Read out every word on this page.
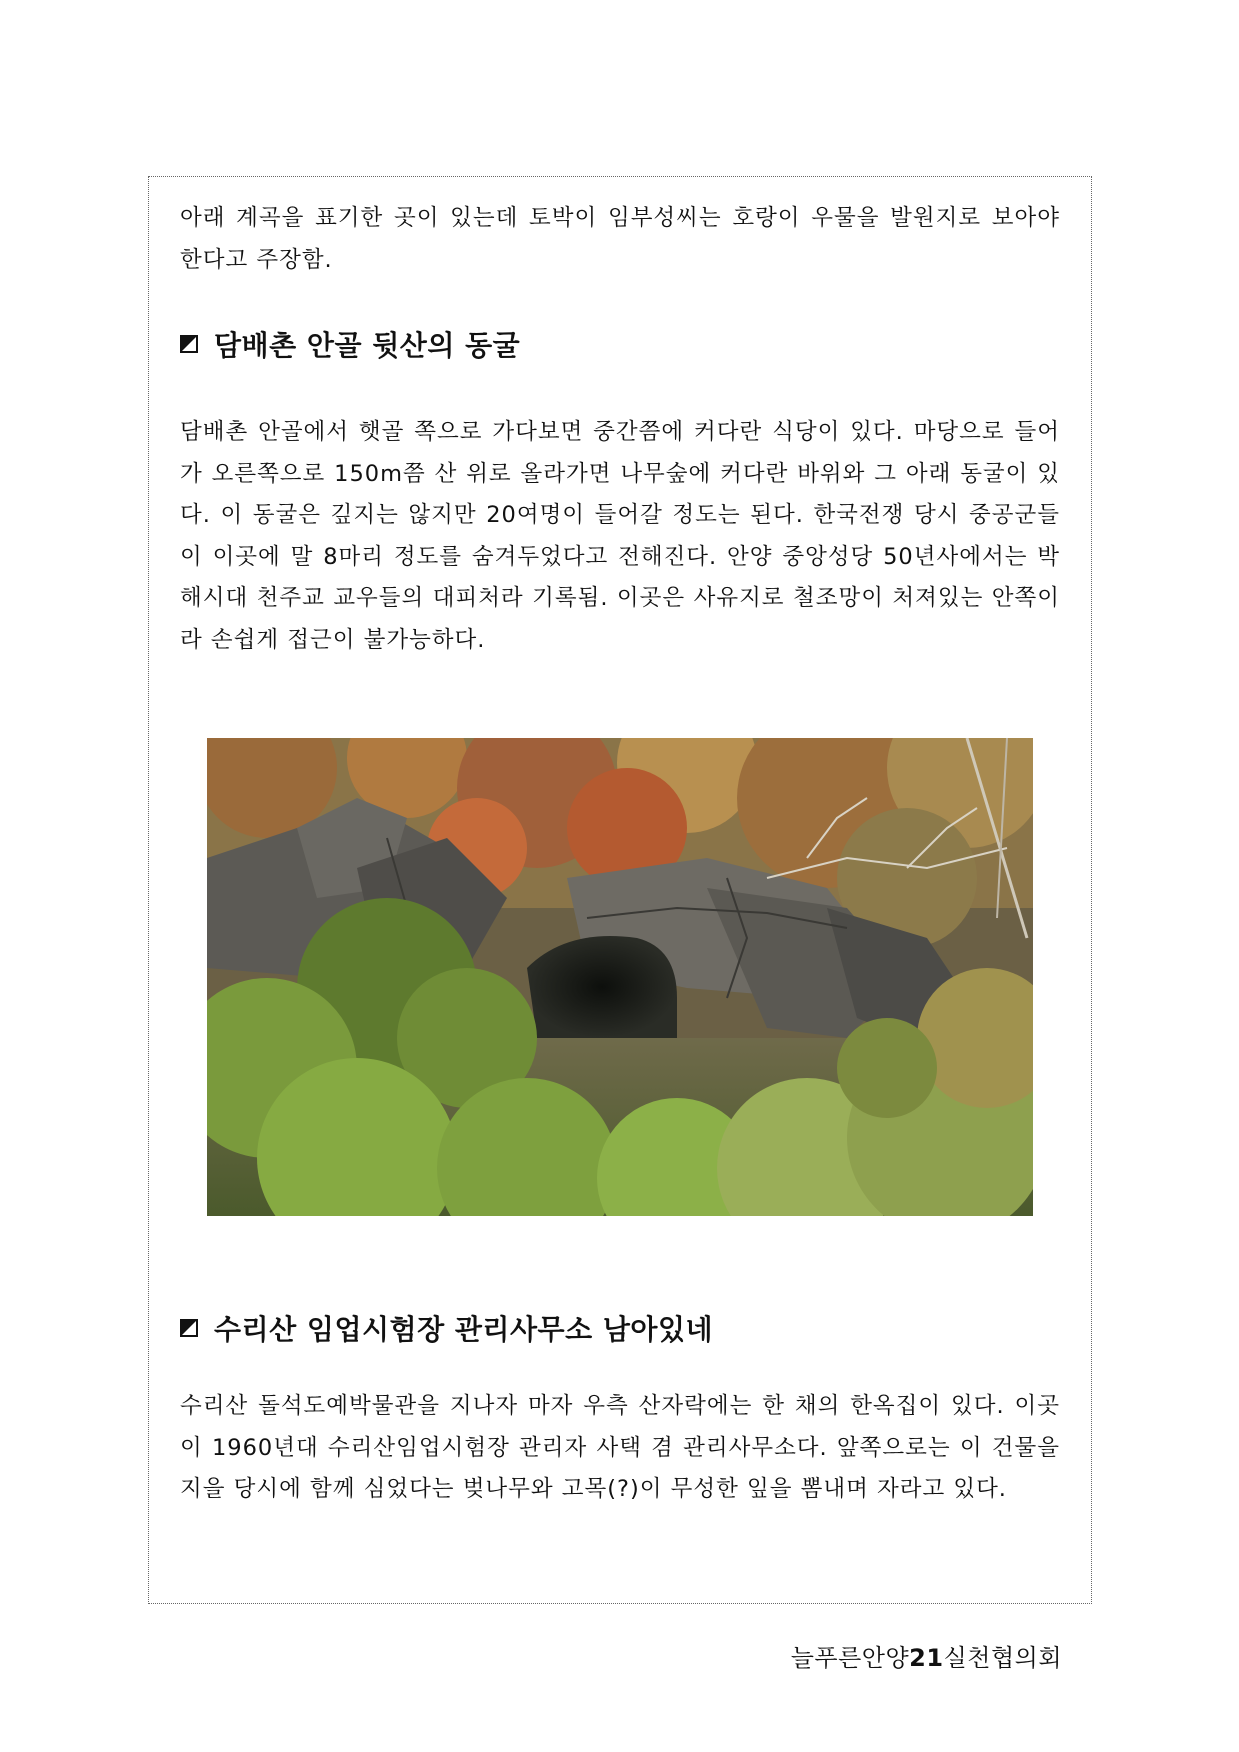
아래 계곡을 표기한 곳이 있는데 토박이 임부성씨는 호랑이 우물을 발원지로 보아야 한다고 주장함.

담배촌 안골 뒷산의 동굴

담배촌 안골에서 햇골 쪽으로 가다보면 중간쯤에 커다란 식당이 있다. 마당으로 들어가 오른쪽으로 150m쯤 산 위로 올라가면 나무숲에 커다란 바위와 그 아래 동굴이 있다. 이 동굴은 깊지는 않지만 20여명이 들어갈 정도는 된다. 한국전쟁 당시 중공군들이 이곳에 말 8마리 정도를 숨겨두었다고 전해진다. 안양 중앙성당 50년사에서는 박해시대 천주교 교우들의 대피처라 기록됨. 이곳은 사유지로 철조망이 처져있는 안쪽이라 손쉽게 접근이 불가능하다.

수리산 임업시험장 관리사무소 남아있네

수리산 돌석도예박물관을 지나자 마자 우측 산자락에는 한 채의 한옥집이 있다. 이곳이 1960년대 수리산임업시험장 관리자 사택 겸 관리사무소다. 앞쪽으로는 이 건물을 지을 당시에 함께 심었다는 벚나무와 고목(?)이 무성한 잎을 뽐내며 자라고 있다.

늘푸른안양21실천협의회
